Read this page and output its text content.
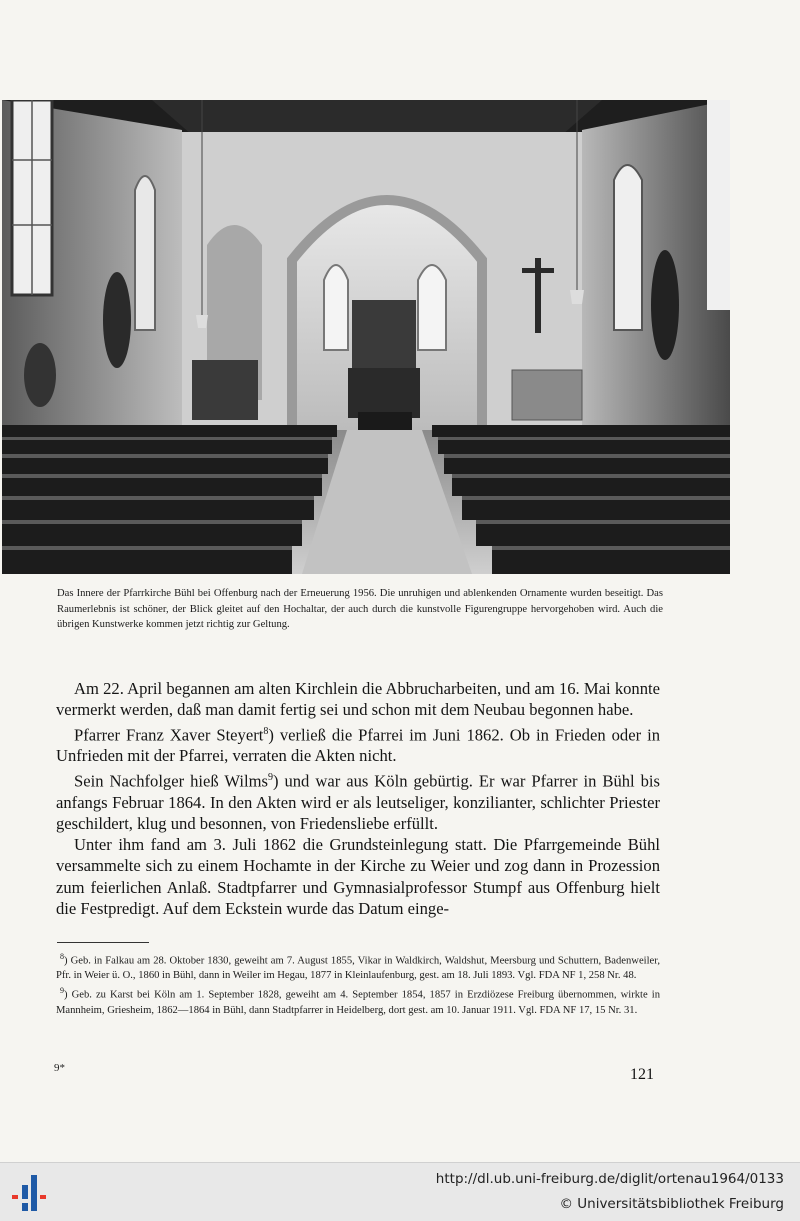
Das Innere der Pfarrkirche Bühl bei Offenburg nach der Erneuerung 1956. Die unruhigen und ablenkenden Ornamente wurden beseitigt. Das Raumerlebnis ist schöner, der Blick gleitet auf den Hochaltar, der auch durch die kunstvolle Figurengruppe hervorgehoben wird. Auch die übrigen Kunstwerke kommen jetzt richtig zur Geltung.

Am 22. April begannen am alten Kirchlein die Abbrucharbeiten, und am 16. Mai konnte vermerkt werden, daß man damit fertig sei und schon mit dem Neubau begonnen habe.

Pfarrer Franz Xaver Steyert$^8$) verließ die Pfarrei im Juni 1862. Ob in Frieden oder in Unfrieden mit der Pfarrei, verraten die Akten nicht.

Sein Nachfolger hieß Wilms$^9$) und war aus Köln gebürtig. Er war Pfarrer in Bühl bis anfangs Februar 1864. In den Akten wird er als leutseliger, konzilianter, schlichter Priester geschildert, klug und besonnen, von Friedensliebe erfüllt.

Unter ihm fand am 3. Juli 1862 die Grundsteinlegung statt. Die Pfarrgemeinde Bühl versammelte sich zu einem Hochamte in der Kirche zu Weier und zog dann in Prozession zum feierlichen Anlaß. Stadtpfarrer und Gymnasialprofessor Stumpf aus Offenburg hielt die Festpredigt. Auf dem Eckstein wurde das Datum einge-

$^8$) Geb. in Falkau am 28. Oktober 1830, geweiht am 7. August 1855, Vikar in Waldkirch, Waldshut, Meersburg und Schuttern, Badenweiler, Pfr. in Weier ü. O., 1860 in Bühl, dann in Weiler im Hegau, 1877 in Kleinlaufenburg, gest. am 18. Juli 1893. Vgl. FDA NF 1, 258 Nr. 48.

$^9$) Geb. zu Karst bei Köln am 1. September 1828, geweiht am 4. September 1854, 1857 in Erzdiözese Freiburg übernommen, wirkte in Mannheim, Griesheim, 1862—1864 in Bühl, dann Stadtpfarrer in Heidelberg, dort gest. am 10. Januar 1911. Vgl. FDA NF 17, 15 Nr. 31.

9*	121
http://dl.ub.uni-freiburg.de/diglit/ortenau1964/0133
© Universitätsbibliothek Freiburg
